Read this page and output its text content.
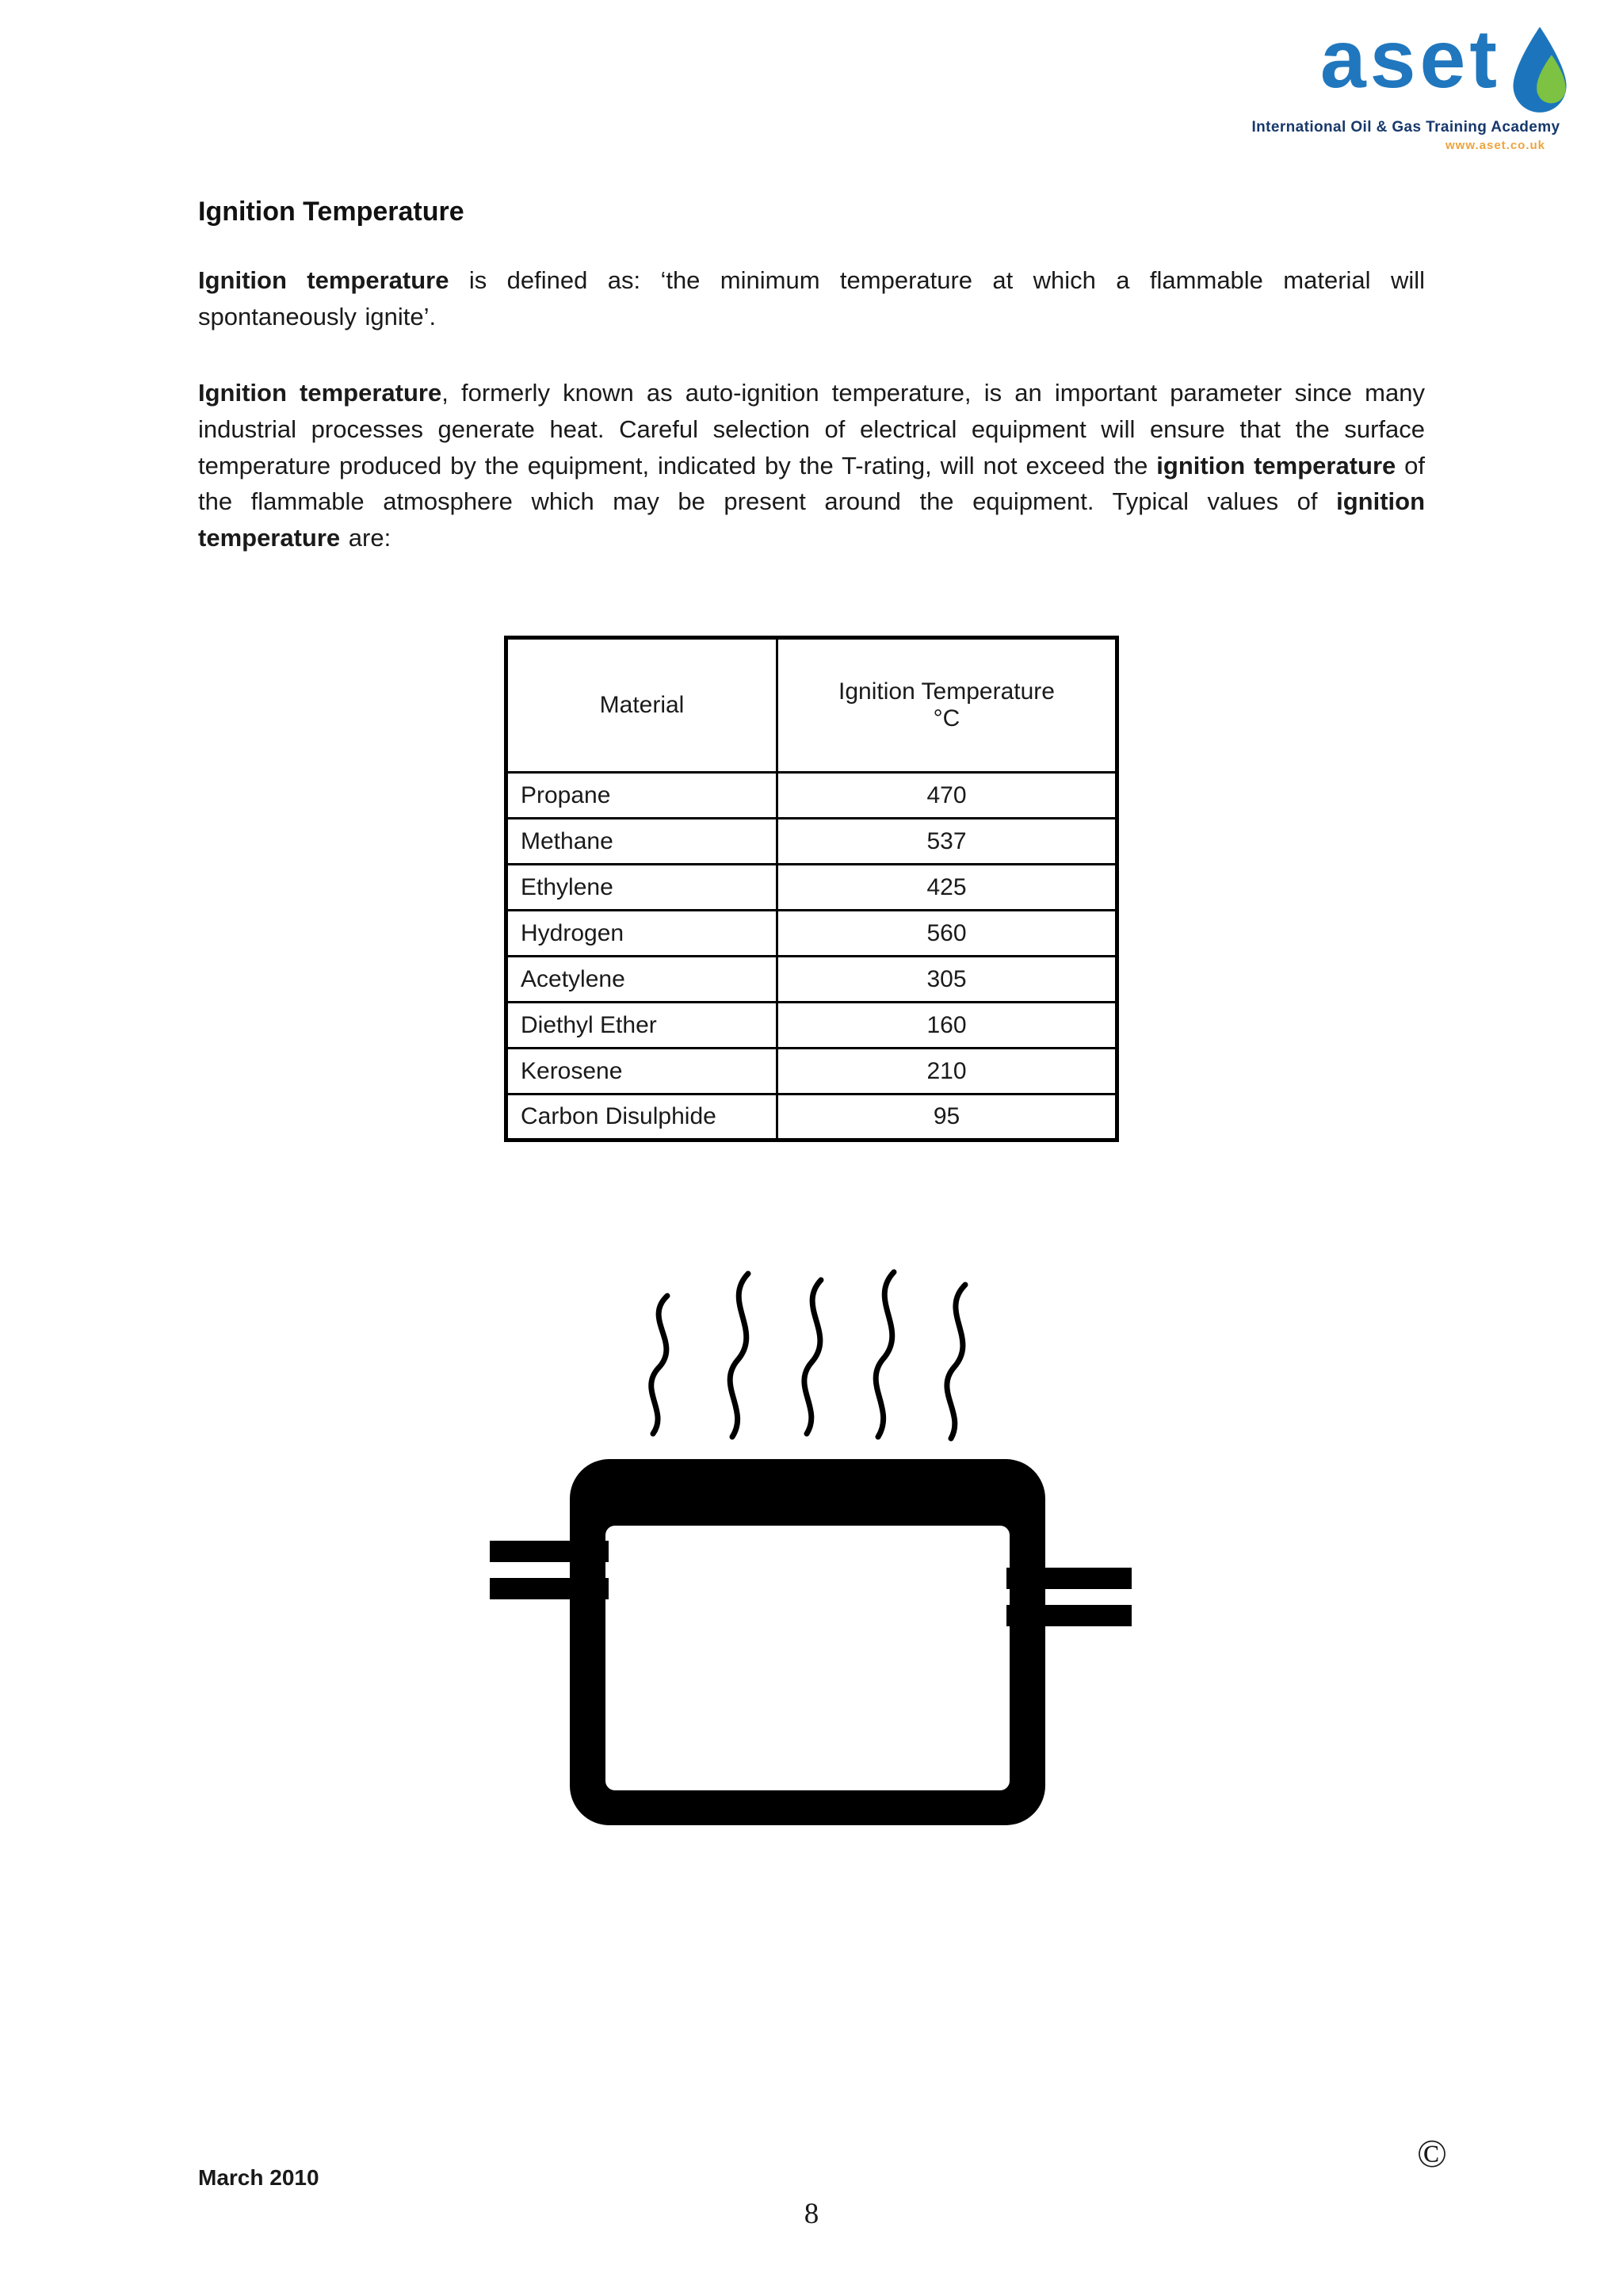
aset
International Oil & Gas Training Academy
www.aset.co.uk
Ignition Temperature

Ignition temperature is defined as: ‘the minimum temperature at which a flammable material will spontaneously ignite’.

Ignition temperature, formerly known as auto-ignition temperature, is an important parameter since many industrial processes generate heat. Careful selection of electrical equipment will ensure that the surface temperature produced by the equipment, indicated by the T-rating, will not exceed the ignition temperature of the flammable atmosphere which may be present around the equipment. Typical values of ignition temperature are:

Material	Ignition Temperature
°C

Propane	470
Methane	537
Ethylene	425
Hydrogen	560
Acetylene	305
Diethyl Ether	160
Kerosene	210
Carbon Disulphide	95
March 2010
©
8
